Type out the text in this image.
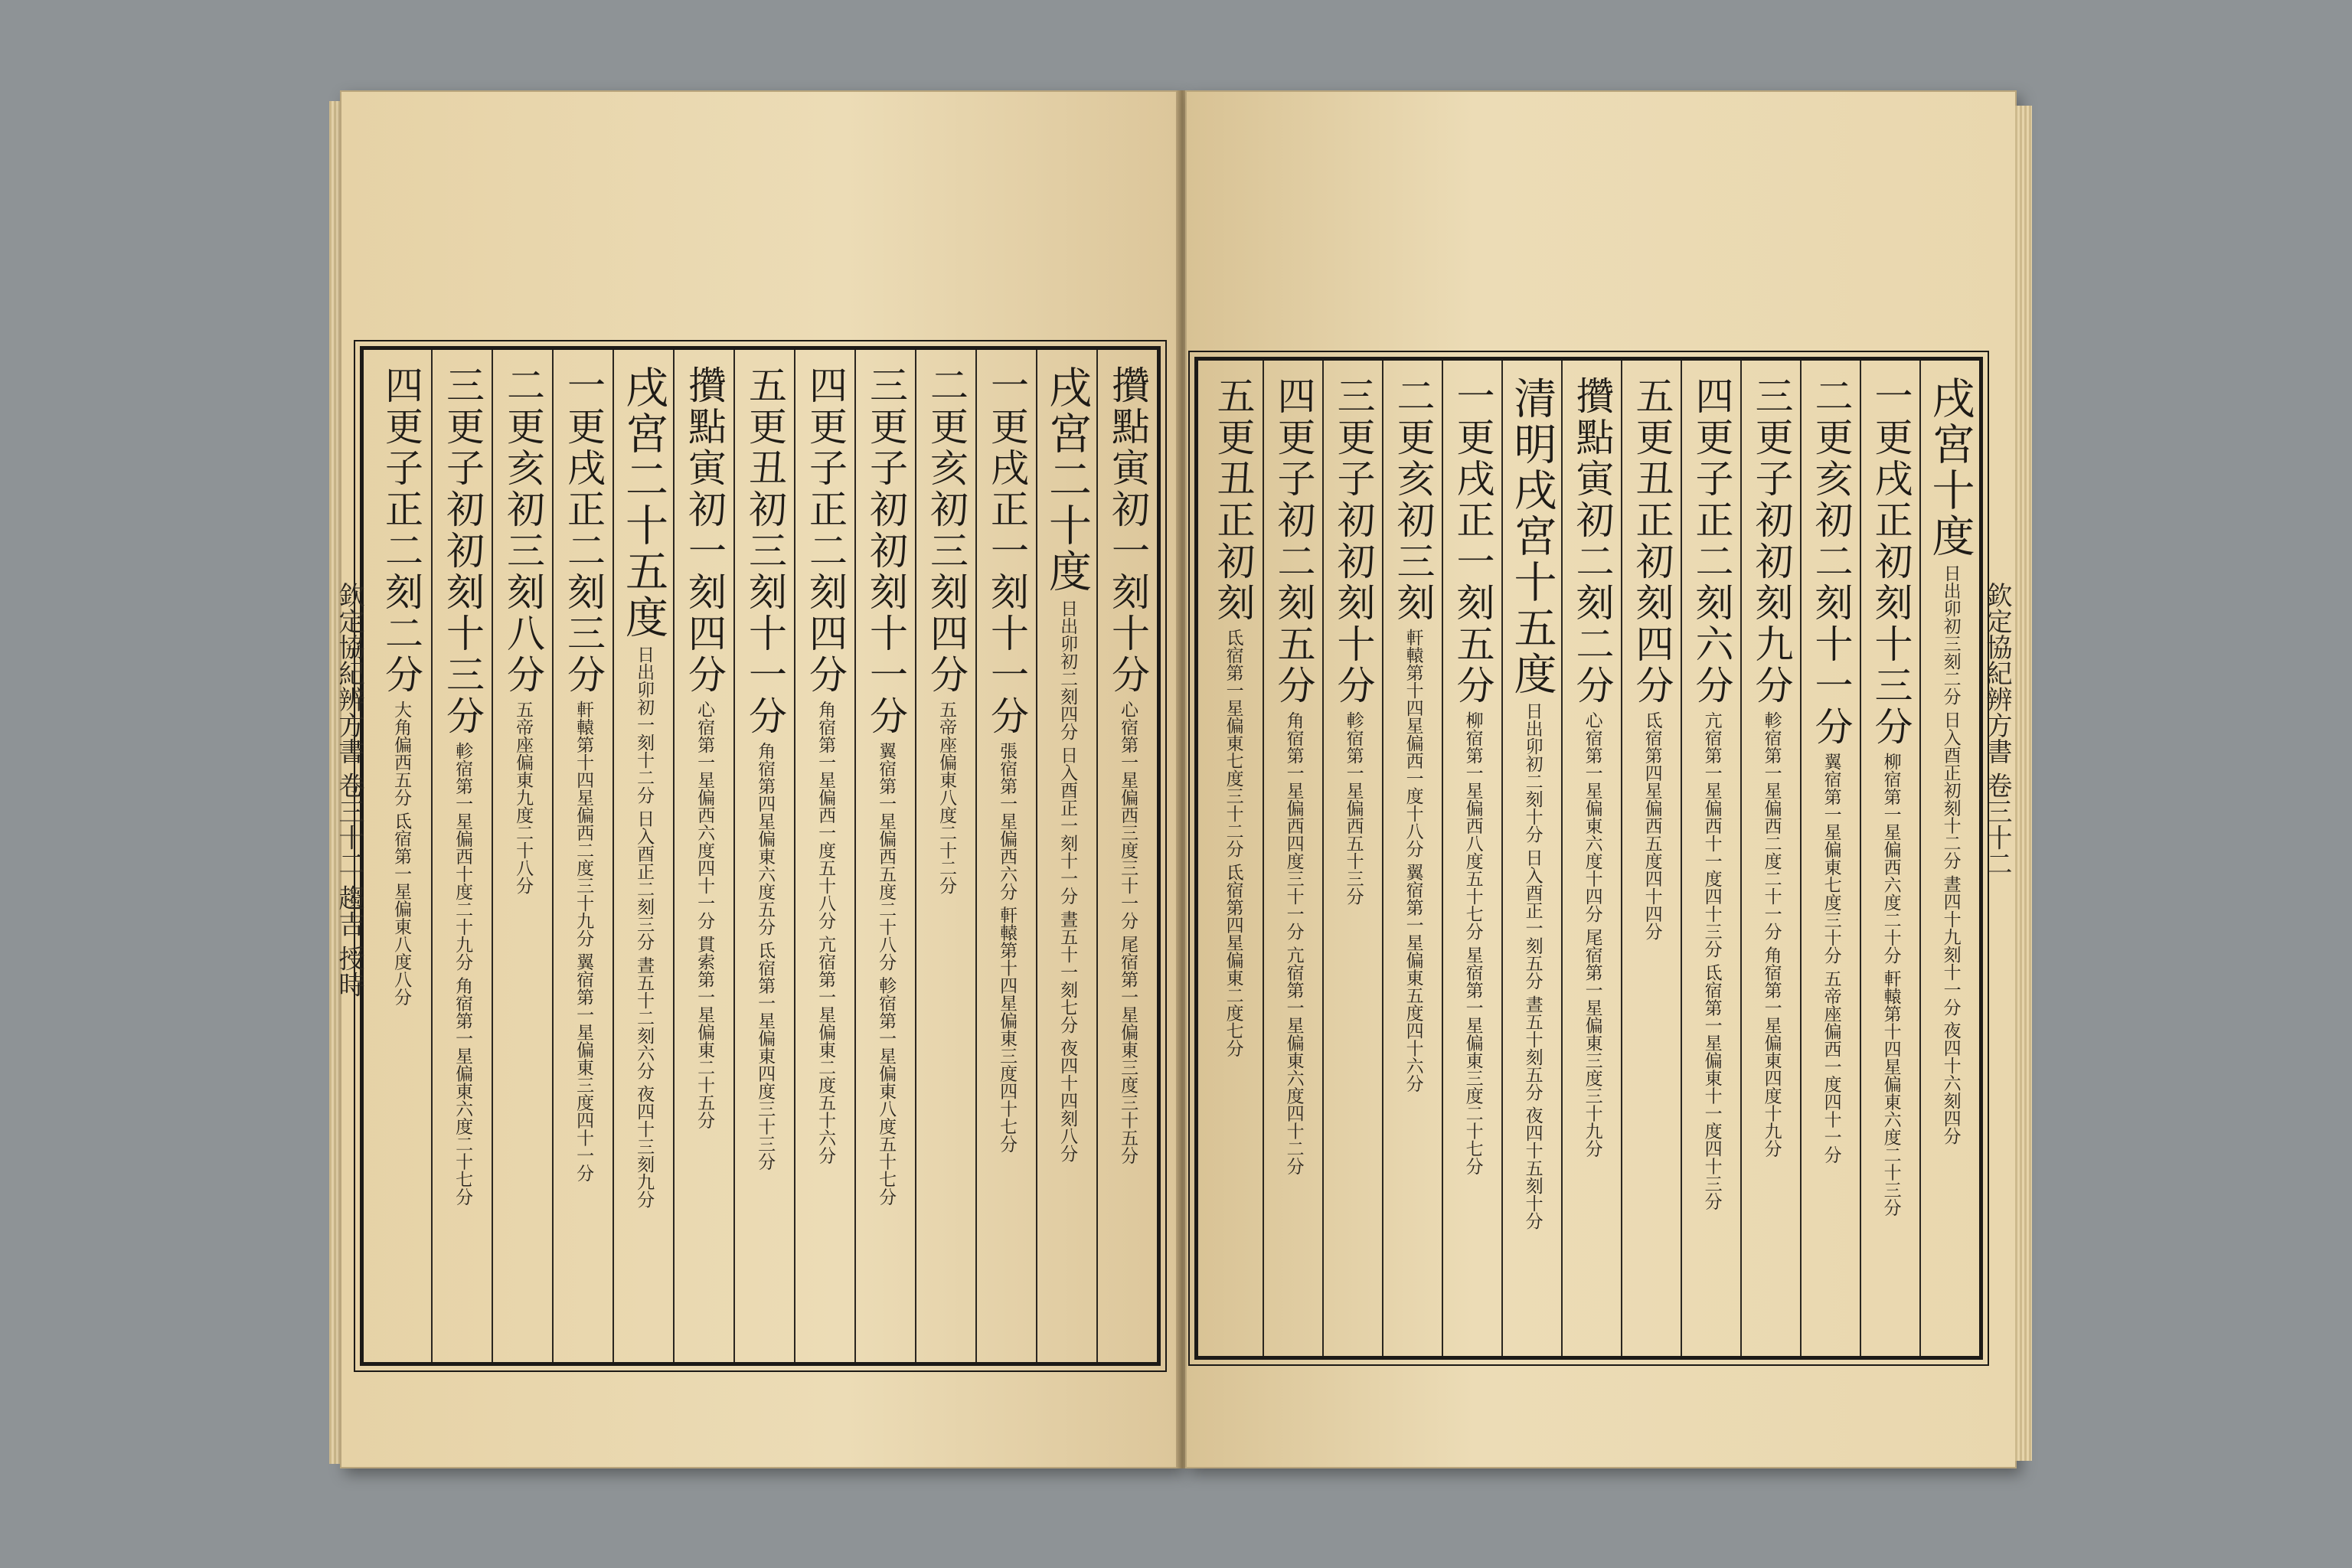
攢點寅初一刻十分
心宿第一星偏西三度三十一分 尾宿第一星偏東三度三十五分
戌宮二十度
日出卯初二刻四分 日入酉正一刻十一分 晝五十一刻七分 夜四十四刻八分
一更戌正一刻十一分
張宿第一星偏西六分 軒轅第十四星偏東三度四十七分
二更亥初三刻四分
五帝座偏東八度二十二分
三更子初初刻十一分
翼宿第一星偏西五度二十八分 軫宿第一星偏東八度五十七分
四更子正二刻四分
角宿第一星偏西一度五十八分 亢宿第一星偏東二度五十六分
五更丑初三刻十一分
角宿第四星偏東六度五分 氐宿第一星偏東四度三十三分
攢點寅初一刻四分
心宿第一星偏西六度四十一分 貫索第一星偏東二十五分
戌宮二十五度
日出卯初一刻十二分 日入酉正二刻三分 晝五十二刻六分 夜四十三刻九分
一更戌正二刻三分
軒轅第十四星偏西二度三十九分 翼宿第一星偏東三度四十一分
二更亥初三刻八分
五帝座偏東九度二十八分
三更子初初刻十三分
軫宿第一星偏西十度二十九分 角宿第一星偏東六度二十七分
四更子正二刻二分
大角偏西五分 氐宿第一星偏東八度八分
欽定協紀辨方書 卷三十二 趨吉 授時
戌宮十度
日出卯初三刻二分 日入酉正初刻十二分 晝四十九刻十一分 夜四十六刻四分
一更戌正初刻十三分
柳宿第一星偏西六度二十分 軒轅第十四星偏東六度二十三分
二更亥初二刻十一分
翼宿第一星偏東七度三十分 五帝座偏西一度四十一分
三更子初初刻九分
軫宿第一星偏西二度二十一分 角宿第一星偏東四度十九分
四更子正二刻六分
亢宿第一星偏西十一度四十三分 氐宿第一星偏東十一度四十三分
五更丑正初刻四分
氐宿第四星偏西五度四十四分
攢點寅初二刻二分
心宿第一星偏東六度十四分 尾宿第一星偏東三度三十九分
清明戌宮十五度
日出卯初二刻十分 日入酉正一刻五分 晝五十刻五分 夜四十五刻十分
一更戌正一刻五分
柳宿第一星偏西八度五十七分 星宿第一星偏東三度二十七分
二更亥初三刻
軒轅第十四星偏西一度十八分 翼宿第一星偏東五度四十六分
三更子初初刻十分
軫宿第一星偏西五十三分
四更子初二刻五分
角宿第一星偏西四度三十一分 亢宿第一星偏東六度四十二分
五更丑正初刻
氐宿第一星偏東七度三十二分 氐宿第四星偏東二度七分	欽定協紀辨方書 卷三十二
